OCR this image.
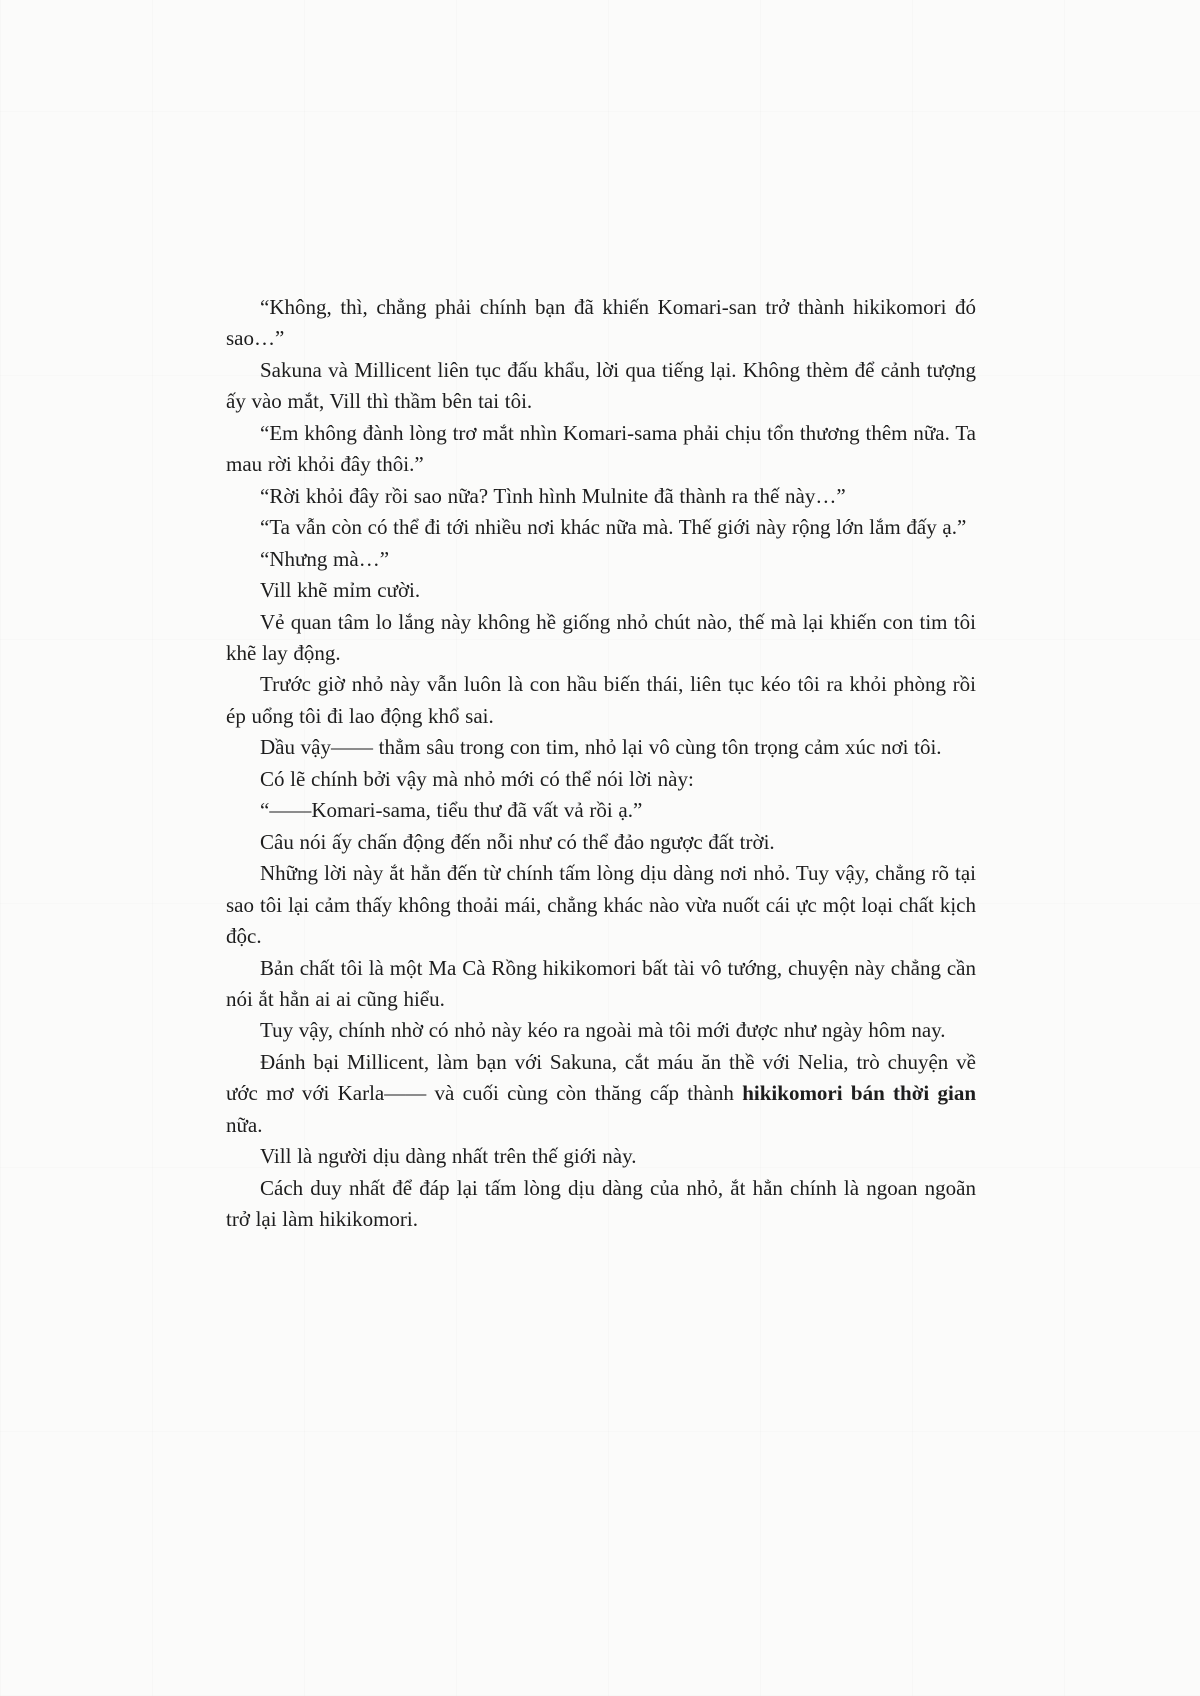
“Không, thì, chẳng phải chính bạn đã khiến Komari-san trở thành hikikomori đó sao…”

Sakuna và Millicent liên tục đấu khẩu, lời qua tiếng lại. Không thèm để cảnh tượng ấy vào mắt, Vill thì thầm bên tai tôi.

“Em không đành lòng trơ mắt nhìn Komari-sama phải chịu tổn thương thêm nữa. Ta mau rời khỏi đây thôi.”

“Rời khỏi đây rồi sao nữa? Tình hình Mulnite đã thành ra thế này…”

“Ta vẫn còn có thể đi tới nhiều nơi khác nữa mà. Thế giới này rộng lớn lắm đấy ạ.”

“Nhưng mà…”

Vill khẽ mỉm cười.

Vẻ quan tâm lo lắng này không hề giống nhỏ chút nào, thế mà lại khiến con tim tôi khẽ lay động.

Trước giờ nhỏ này vẫn luôn là con hầu biến thái, liên tục kéo tôi ra khỏi phòng rồi ép uổng tôi đi lao động khổ sai.

Dầu vậy—— thẳm sâu trong con tim, nhỏ lại vô cùng tôn trọng cảm xúc nơi tôi.

Có lẽ chính bởi vậy mà nhỏ mới có thể nói lời này:

“——Komari-sama, tiểu thư đã vất vả rồi ạ.”

Câu nói ấy chấn động đến nỗi như có thể đảo ngược đất trời.

Những lời này ắt hẳn đến từ chính tấm lòng dịu dàng nơi nhỏ. Tuy vậy, chẳng rõ tại sao tôi lại cảm thấy không thoải mái, chẳng khác nào vừa nuốt cái ực một loại chất kịch độc.

Bản chất tôi là một Ma Cà Rồng hikikomori bất tài vô tướng, chuyện này chẳng cần nói ắt hẳn ai ai cũng hiểu.

Tuy vậy, chính nhờ có nhỏ này kéo ra ngoài mà tôi mới được như ngày hôm nay.

Đánh bại Millicent, làm bạn với Sakuna, cắt máu ăn thề với Nelia, trò chuyện về ước mơ với Karla—— và cuối cùng còn thăng cấp thành hikikomori bán thời gian nữa.

Vill là người dịu dàng nhất trên thế giới này.

Cách duy nhất để đáp lại tấm lòng dịu dàng của nhỏ, ắt hẳn chính là ngoan ngoãn trở lại làm hikikomori.
